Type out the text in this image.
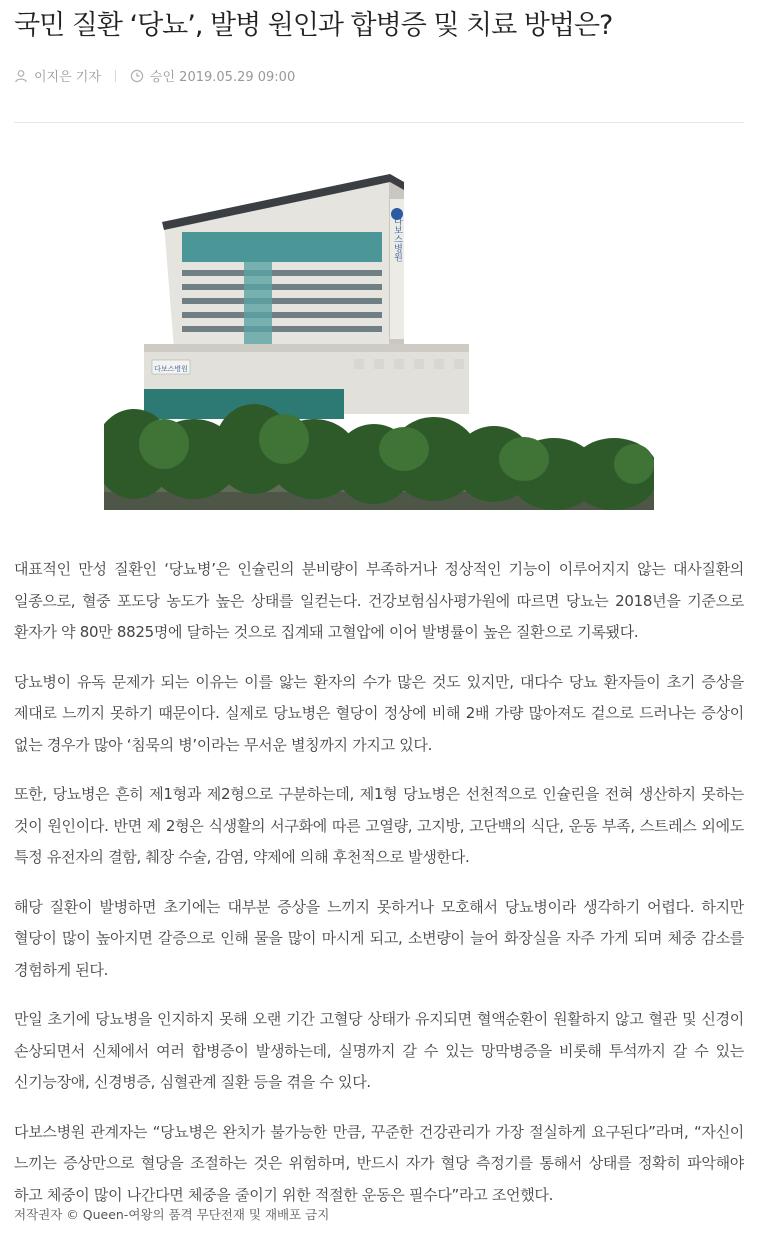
국민 질환 ‘당뇨’, 발병 원인과 합병증 및 치료 방법은?
이지은 기자	승인 2019.05.29 09:00
다보스병원
다보스병원

대표적인 만성 질환인 ‘당뇨병’은 인슐린의 분비량이 부족하거나 정상적인 기능이 이루어지지 않는 대사질환의 일종으로, 혈중 포도당 농도가 높은 상태를 일컫는다. 건강보험심사평가원에 따르면 당뇨는 2018년을 기준으로 환자가 약 80만 8825명에 달하는 것으로 집계돼 고혈압에 이어 발병률이 높은 질환으로 기록됐다.

당뇨병이 유독 문제가 되는 이유는 이를 앓는 환자의 수가 많은 것도 있지만, 대다수 당뇨 환자들이 초기 증상을 제대로 느끼지 못하기 때문이다. 실제로 당뇨병은 혈당이 정상에 비해 2배 가량 많아져도 겉으로 드러나는 증상이 없는 경우가 많아 ‘침묵의 병’이라는 무서운 별칭까지 가지고 있다.

또한, 당뇨병은 흔히 제1형과 제2형으로 구분하는데, 제1형 당뇨병은 선천적으로 인슐린을 전혀 생산하지 못하는 것이 원인이다. 반면 제 2형은 식생활의 서구화에 따른 고열량, 고지방, 고단백의 식단, 운동 부족, 스트레스 외에도 특정 유전자의 결함, 췌장 수술, 감염, 약제에 의해 후천적으로 발생한다.

해당 질환이 발병하면 초기에는 대부분 증상을 느끼지 못하거나 모호해서 당뇨병이라 생각하기 어렵다. 하지만 혈당이 많이 높아지면 갈증으로 인해 물을 많이 마시게 되고, 소변량이 늘어 화장실을 자주 가게 되며 체중 감소를 경험하게 된다.

만일 초기에 당뇨병을 인지하지 못해 오랜 기간 고혈당 상태가 유지되면 혈액순환이 원활하지 않고 혈관 및 신경이 손상되면서 신체에서 여러 합병증이 발생하는데, 실명까지 갈 수 있는 망막병증을 비롯해 투석까지 갈 수 있는 신기능장애, 신경병증, 심혈관계 질환 등을 겪을 수 있다.

다보스병원 관계자는 “당뇨병은 완치가 불가능한 만큼, 꾸준한 건강관리가 가장 절실하게 요구된다”라며, “자신이 느끼는 증상만으로 혈당을 조절하는 것은 위험하며, 반드시 자가 혈당 측정기를 통해서 상태를 정확히 파악해야 하고 체중이 많이 나간다면 체중을 줄이기 위한 적절한 운동은 필수다”라고 조언했다.

저작권자 © Queen-여왕의 품격 무단전재 및 재배포 금지
